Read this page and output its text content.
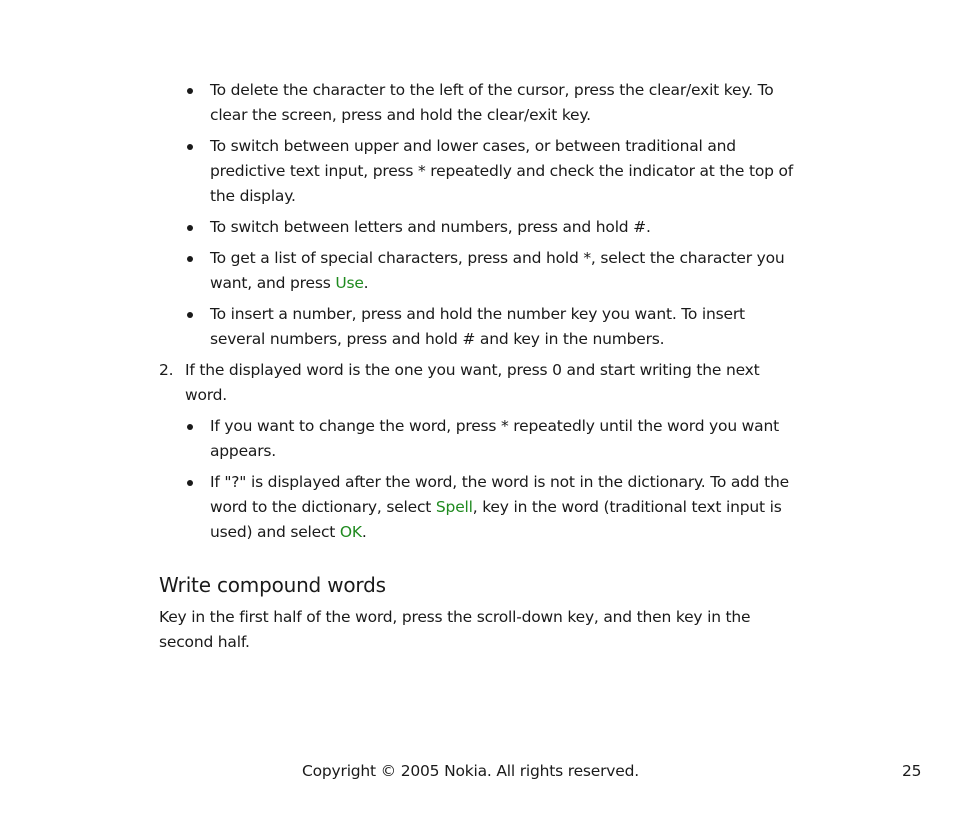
To delete the character to the left of the cursor, press the clear/exit key. To clear the screen, press and hold the clear/exit key.
To switch between upper and lower cases, or between traditional and predictive text input, press * repeatedly and check the indicator at the top of the display.
To switch between letters and numbers, press and hold #.
To get a list of special characters, press and hold *, select the character you want, and press Use.
To insert a number, press and hold the number key you want. To insert several numbers, press and hold # and key in the numbers.
2. If the displayed word is the one you want, press 0 and start writing the next word.
If you want to change the word, press * repeatedly until the word you want appears.
If "?" is displayed after the word, the word is not in the dictionary. To add the word to the dictionary, select Spell, key in the word (traditional text input is used) and select OK.
Write compound words
Key in the first half of the word, press the scroll-down key, and then key in the second half.
Copyright © 2005 Nokia. All rights reserved.	25
